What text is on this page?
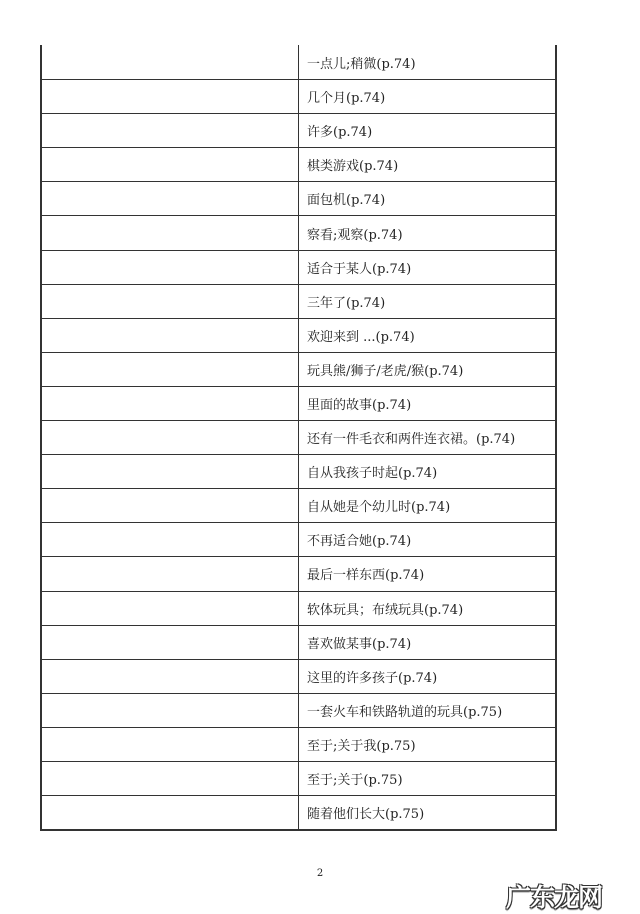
一点儿;稍微(p.74)
几个月(p.74)
许多(p.74)
棋类游戏(p.74)
面包机(p.74)
察看;观察(p.74)
适合于某人(p.74)
三年了(p.74)
欢迎来到 ...(p.74)
玩具熊/狮子/老虎/猴(p.74)
里面的故事(p.74)
还有一件毛衣和两件连衣裙。(p.74)
自从我孩子时起(p.74)
自从她是个幼儿时(p.74)
不再适合她(p.74)
最后一样东西(p.74)
软体玩具；布绒玩具(p.74)
喜欢做某事(p.74)
这里的许多孩子(p.74)
一套火车和铁路轨道的玩具(p.75)
至于;关于我(p.75)
至于;关于(p.75)
随着他们长大(p.75)
2
广东龙网
